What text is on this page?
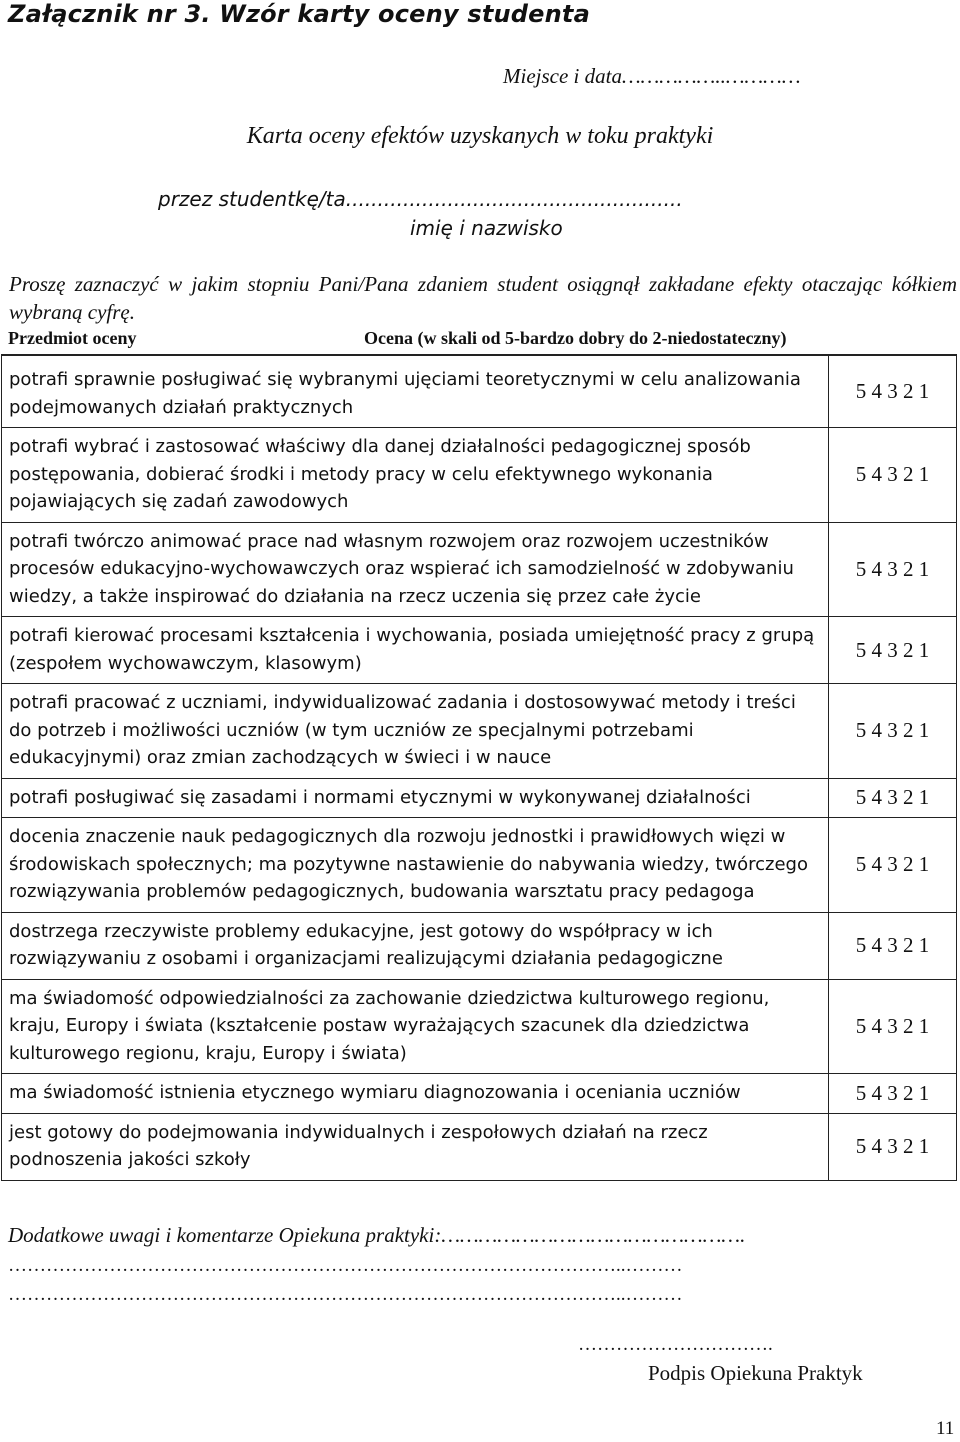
Załącznik nr 3. Wzór karty oceny studenta
Miejsce i data……………..…………
Karta oceny efektów uzyskanych w toku praktyki
przez studentkę/ta.....................................................
imię i nazwisko
Proszę zaznaczyć w jakim stopniu Pani/Pana zdaniem student osiągnął zakładane efekty otaczając kółkiem wybraną cyfrę.
Przedmiot oceny	Ocena (w skali od 5-bardzo dobry do 2-niedostateczny)
potrafi sprawnie posługiwać się wybranymi ujęciami teoretycznymi w celu analizowania podejmowanych działań praktycznych	5 4 3 2 1
potrafi wybrać i zastosować właściwy dla danej działalności pedagogicznej sposób postępowania, dobierać środki i metody pracy w celu efektywnego wykonania pojawiających się zadań zawodowych	5 4 3 2 1
potrafi twórczo animować prace nad własnym rozwojem oraz rozwojem uczestników procesów edukacyjno-wychowawczych oraz wspierać ich samodzielność w zdobywaniu wiedzy, a także inspirować do działania na rzecz uczenia się przez całe życie	5 4 3 2 1
potrafi kierować procesami kształcenia i wychowania, posiada umiejętność pracy z grupą (zespołem wychowawczym, klasowym)	5 4 3 2 1
potrafi pracować z uczniami, indywidualizować zadania i dostosowywać metody i treści do potrzeb i możliwości uczniów (w tym uczniów ze specjalnymi potrzebami edukacyjnymi) oraz zmian zachodzących w świeci i w nauce	5 4 3 2 1
potrafi posługiwać się zasadami i normami etycznymi w wykonywanej działalności	5 4 3 2 1
docenia znaczenie nauk pedagogicznych dla rozwoju jednostki i prawidłowych więzi w środowiskach społecznych; ma pozytywne nastawienie do nabywania wiedzy, twórczego rozwiązywania problemów pedagogicznych, budowania warsztatu pracy pedagoga	5 4 3 2 1
dostrzega rzeczywiste problemy edukacyjne, jest gotowy do współpracy w ich rozwiązywaniu z osobami i organizacjami realizującymi działania pedagogiczne	5 4 3 2 1
ma świadomość odpowiedzialności za zachowanie dziedzictwa kulturowego regionu, kraju, Europy i świata (kształcenie postaw wyrażających szacunek dla dziedzictwa kulturowego regionu, kraju, Europy i świata)	5 4 3 2 1
ma świadomość istnienia etycznego wymiaru diagnozowania i oceniania uczniów	5 4 3 2 1
jest gotowy do podejmowania indywidualnych i zespołowych działań na rzecz podnoszenia jakości szkoły	5 4 3 2 1
Dodatkowe uwagi i komentarze Opiekuna praktyki:………………………………………….
……………………………………………………………………………………..………
……………………………………………………………………………………..………
………………………….
Podpis Opiekuna Praktyk
11
